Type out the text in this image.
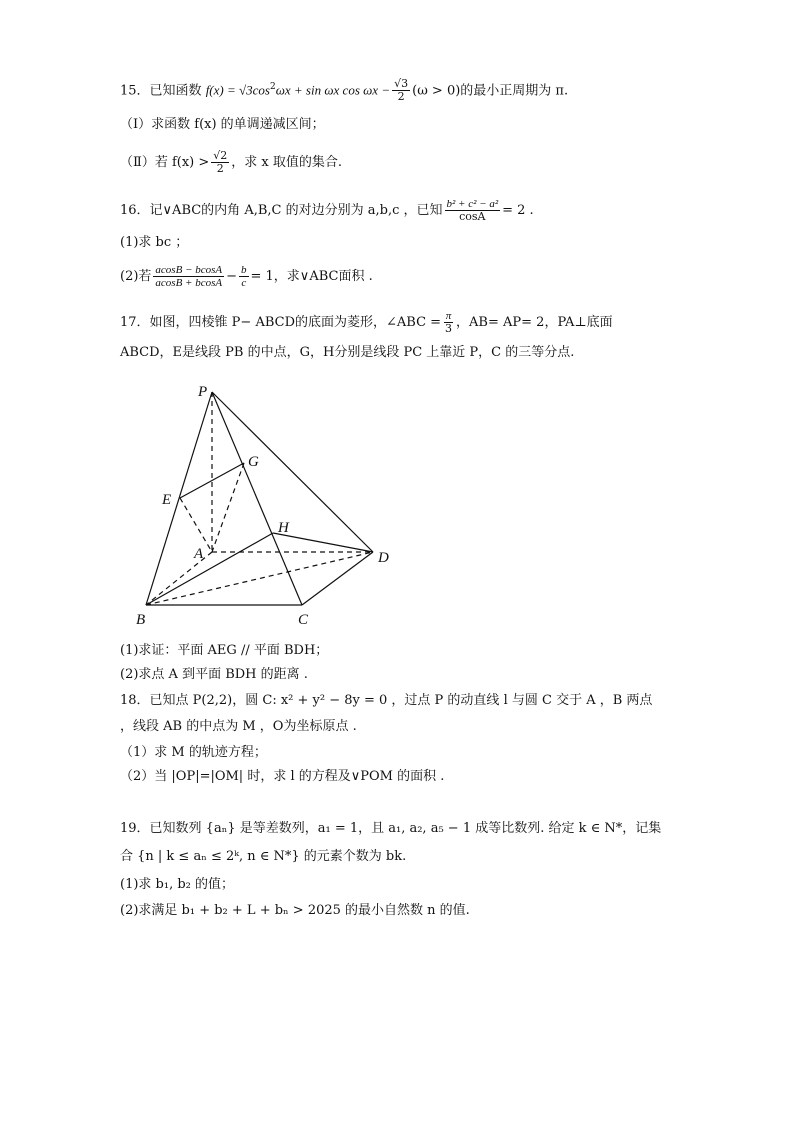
15．已知函数 $f(x) = √3\cos^2\omega x + \sin \omega x$ $\cos \omega x - \frac{√3}{2} (\omega > 0)$的最小正周期为 π.
（Ⅰ）求函数 f(x) 的单调递减区间；
（Ⅱ）若 $f(x) > \frac{√2}{2}$ ，求 x 取值的集合.
16．记∨ABC的内角 A,B,C 的对边分别为 a,b,c ，已知 $\frac{\text{b² + c² − a²}}{\cos A} = 2$ .
(1)求 bc ；
(2)若 $\frac{acosB - bcosA}{acosB + bcosA} - \frac{b}{c} = 1$，求∨ABC面积 .
17．如图，四棱锥 P− ABCD的底面为菱形，∠ABC = $\frac{\pi}{3}$ ，AB= AP= 2，PA⊥底面
ABCD，E是线段 PB 的中点，G，H分别是线段 PC 上靠近 P，C 的三等分点.
P
G
E
H
A	D
B	C
(1)求证：平面 AEG // 平面 BDH；
(2)求点 A 到平面 BDH 的距离 .
18．已知点 P(2,2)，圆 C: x² + y² − 8y = 0 ，过点 P 的动直线 l 与圆 C 交于 A ，B 两点
，线段 AB 的中点为 M ，O为坐标原点 .
（1）求 M 的轨迹方程；
（2）当 |OP|=|OM| 时，求 l 的方程及∨POM 的面积 .
19．已知数列 {aₙ} 是等差数列，a₁ = 1，且 a₁, a₂, a₅ − 1 成等比数列. 给定 k ∈ N*，记集
合 {n | k ≤ aₙ ≤ 2ᵏ, n ∈ N*} 的元素个数为 bk.
(1)求 b₁, b₂ 的值；
(2)求满足 b₁ + b₂ + L + bₙ > 2025 的最小自然数 n 的值.
